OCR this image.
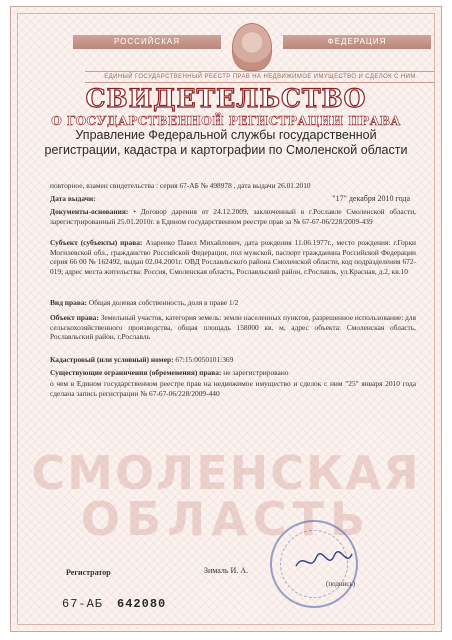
РОССИЙСКАЯ	ФЕДЕРАЦИЯ
ЕДИНЫЙ ГОСУДАРСТВЕННЫЙ РЕЕСТР ПРАВ НА НЕДВИЖИМОЕ ИМУЩЕСТВО И СДЕЛОК С НИМ
СВИДЕТЕЛЬСТВО
О ГОСУДАРСТВЕННОЙ РЕГИСТРАЦИИ ПРАВА
Управление Федеральной службы государственной регистрации, кадастра и картографии по Смоленской области
повторное, взамен свидетельства : серия 67-АБ № 498978 , дата выдачи 26.01.2010
Дата выдачи:	"17" декабря 2010 года
Документы-основания: • Договор дарения от 24.12.2009, заключенный в г.Рославле Смоленской области, зарегистрированный 25.01.2010г. в Едином государственном реестре прав за № 67-67-06/228/2009-439
Субъект (субъекты) права: Азаренко Павел Михайлович, дата рождения 11.06.1977г., место рождения: г.Горки Могилевской обл., гражданство Российской Федерации, пол мужской, паспорт гражданина Российской Федерации серия 66 00 № 162492, выдан 02.04.2001г. ОВД Рославльского района Смоленской области, код подразделения 672-019; адрес места жительства: Россия, Смоленская область, Рославльский район, г.Рославль, ул.Красная, д.2, кв.10
Вид права: Общая долевая собственность, доля в праве 1/2
Объект права: Земельный участок, категория земель: земли населенных пунктов, разрешенное использование: для сельскохозяйственного производства, общая площадь 158000 кв. м, адрес объекта: Смоленская область, Рославльский район, г.Рославль
Кадастровый (или условный) номер: 67:15:0050101:369
Существующие ограничения (обременения) права: не зарегистрировано
о чем в Едином государственном реестре прав на недвижимое имущество и сделок с ним "25" января 2010 года сделана запись регистрации № 67-67-06/228/2009-440
СМОЛЕНСКАЯ
ОБЛАСТЬ
Регистратор	Зималь И. А.
(подпись)
67-АБ 642080
